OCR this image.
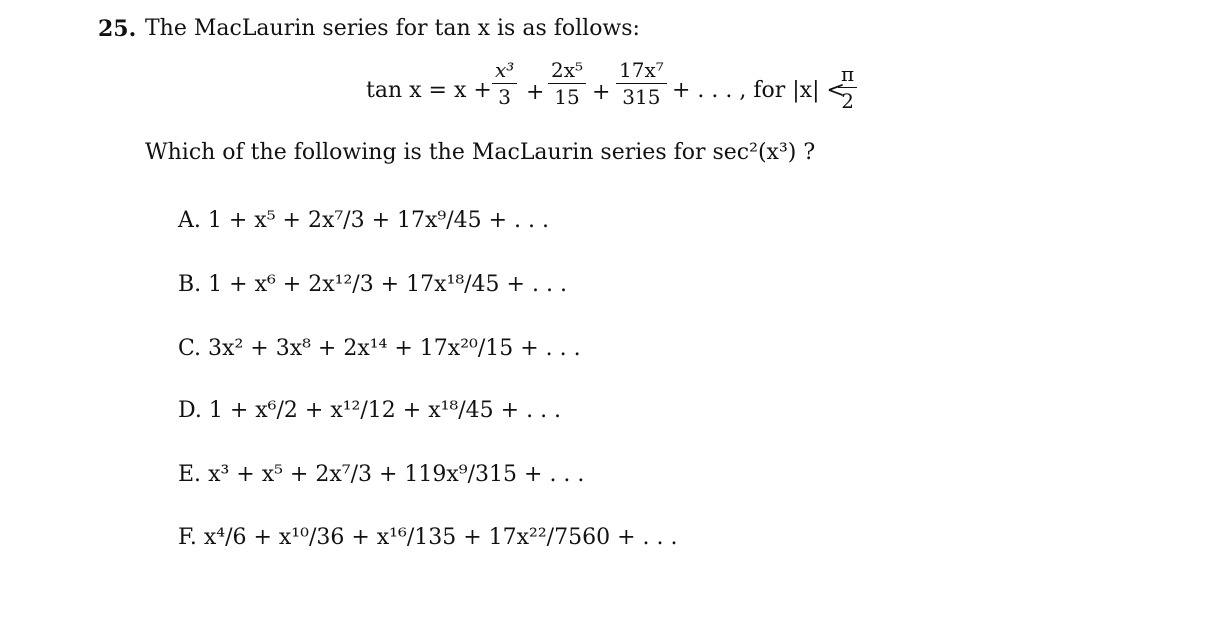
25. The MacLaurin series for tan x is as follows:
tan x = x +
x³
3 +
2x⁵
15 +
17x⁷
315 + . . . , for |x| <
π
2
Which of the following is the MacLaurin series for sec²(x³) ?
A. 1 + x⁵ + 2x⁷/3 + 17x⁹/45 + . . .
B. 1 + x⁶ + 2x¹²/3 + 17x¹⁸/45 + . . .
C. 3x² + 3x⁸ + 2x¹⁴ + 17x²⁰/15 + . . .
D. 1 + x⁶/2 + x¹²/12 + x¹⁸/45 + . . .
E. x³ + x⁵ + 2x⁷/3 + 119x⁹/315 + . . .
F. x⁴/6 + x¹⁰/36 + x¹⁶/135 + 17x²²/7560 + . . .
